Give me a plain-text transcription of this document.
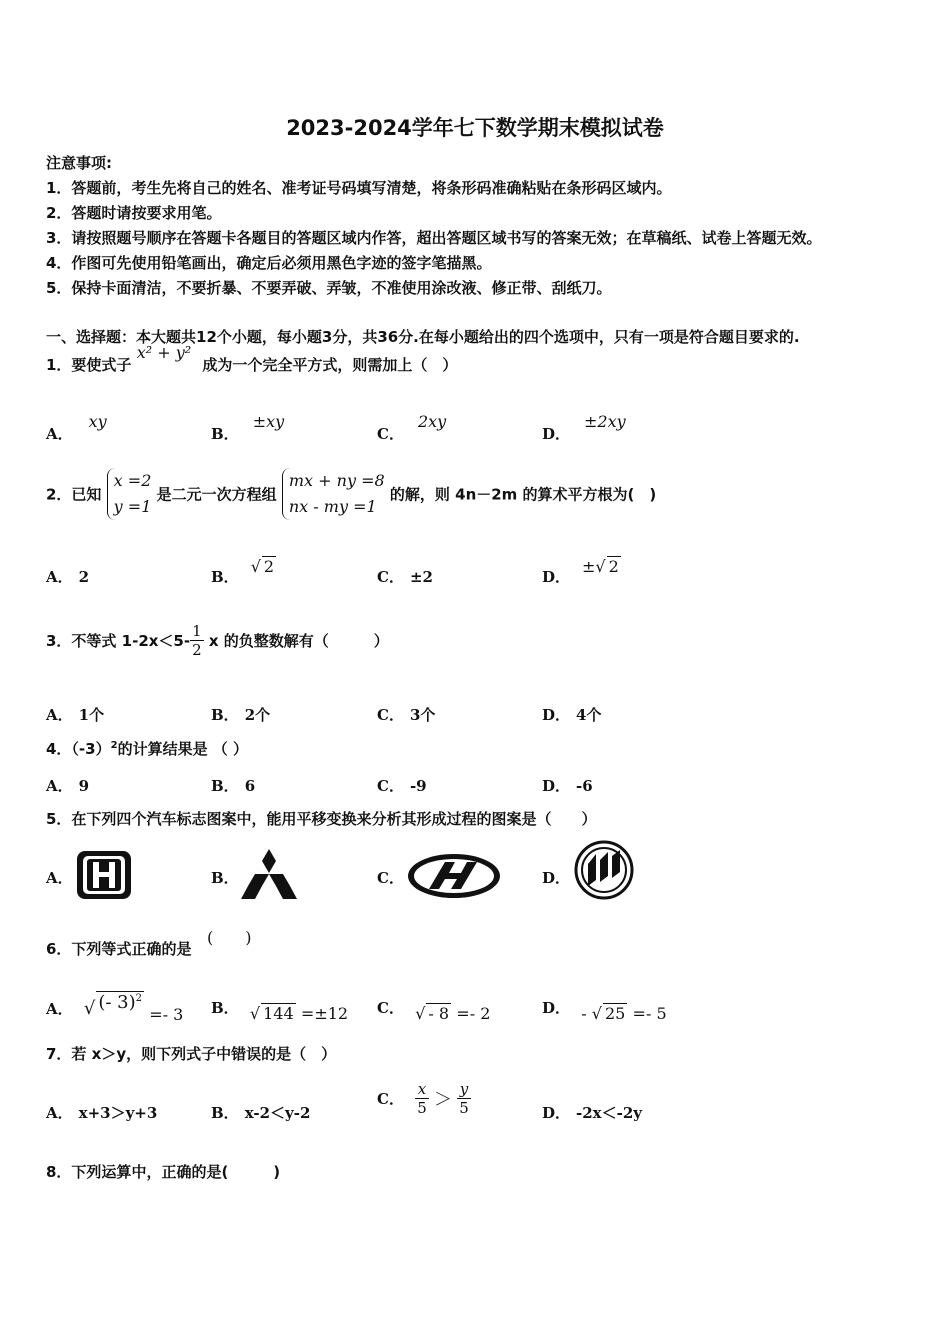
2023-2024学年七下数学期末模拟试卷
注意事项:
1．答题前，考生先将自己的姓名、准考证号码填写清楚，将条形码准确粘贴在条形码区域内。
2．答题时请按要求用笔。
3．请按照题号顺序在答题卡各题目的答题区域内作答，超出答题区域书写的答案无效；在草稿纸、试卷上答题无效。
4．作图可先使用铅笔画出，确定后必须用黑色字迹的签字笔描黑。
5．保持卡面清洁，不要折暴、不要弄破、弄皱，不准使用涂改液、修正带、刮纸刀。
一、选择题：本大题共12个小题，每小题3分，共36分.在每小题给出的四个选项中，只有一项是符合题目要求的.
1．要使式子 x² + y² 成为一个完全平方式，则需加上（　）
A．xy
B．±xy
C．2xy
D．±2xy
2．已知
x =2
y =1
是二元一次方程组
mx + ny =8
nx - my =1
的解，则 4n－2m 的算术平方根为(　)
A． 2	B．√ 2
C． ±2	D．±√ 2
3．不等式 $1-2x<5- \frac{1}{2}$ x 的负整数解有（　　　）
A． 1个	B． 2个	C． 3个	D． 4个
4．$(-3)^2$的计算结果是 （ ）
A． 9	B． 6	C． -9	D． -6
5．在下列四个汽车标志图案中，能用平移变换来分析其形成过程的图案是（　　）
A．	B．	C．	D．
6．下列等式正确的是
(　　)
A． √ (- 3)$^2$ =- 3 B． √ 144 =±12 C． √ - 8 =- 2	D． - √ 25 =- 5
7．若 x＞y，则下列式子中错误的是（　）
A． x+3＞y+3	B． x-2＜y-2
C． $\frac{x}{5} > \frac{y}{5}$	D． -2x＜-2y
8．下列运算中，正确的是(　　　)
